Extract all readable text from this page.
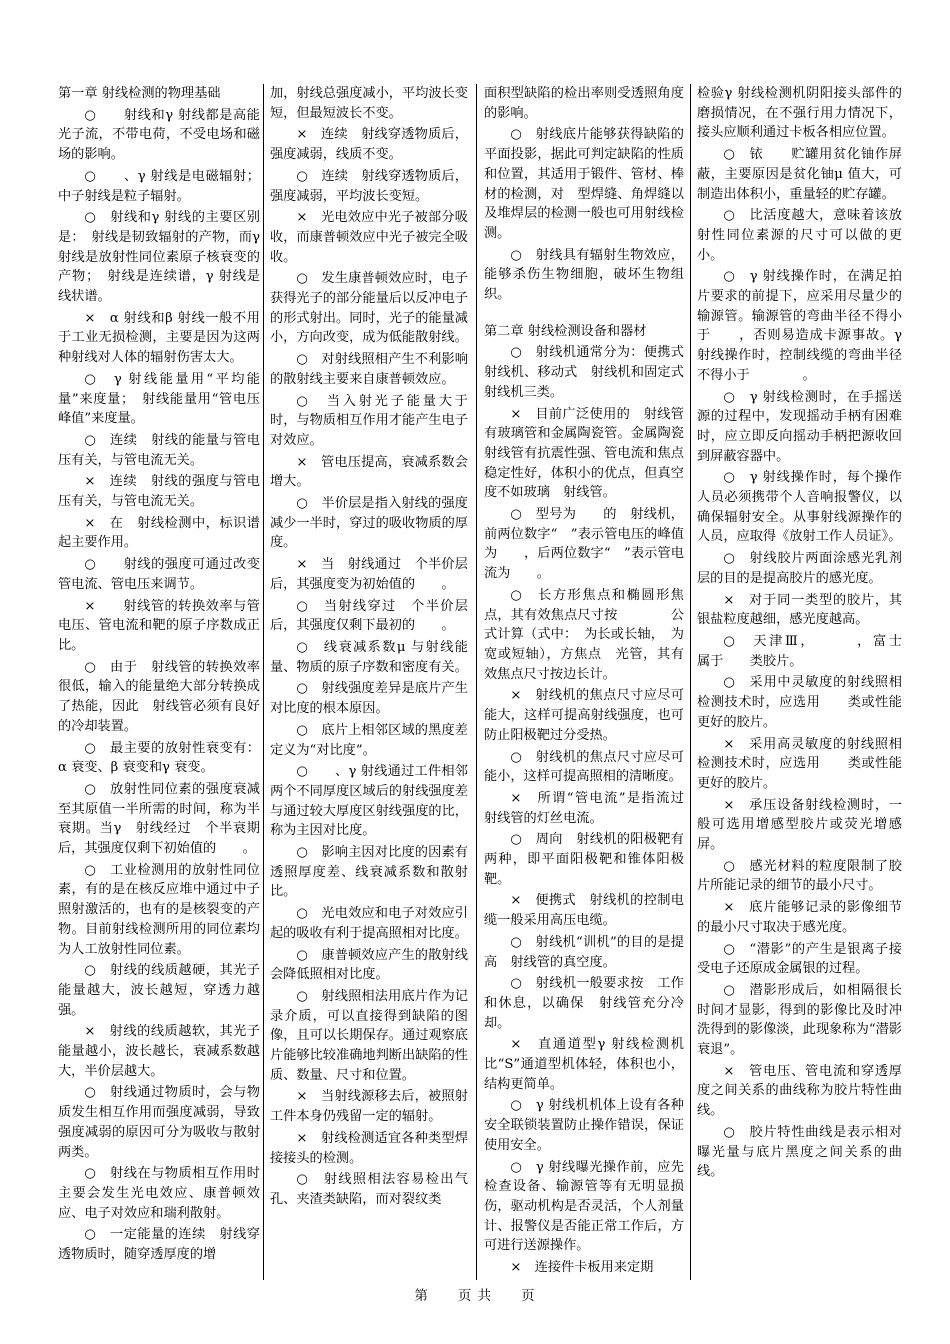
第一章 射线检测的物理基础

○　　射线和γ 射线都是高能光子流，不带电荷，不受电场和磁场的影响。

○　　、γ 射线是电磁辐射；中子射线是粒子辐射。

○　射线和γ 射线的主要区别是：　射线是韧致辐射的产物，而γ　射线是放射性同位素原子核衰变的产物；　射线是连续谱，γ 射线是线状谱。

×　α 射线和β 射线一般不用于工业无损检测，主要是因为这两种射线对人体的辐射伤害太大。

○　γ 射线能量用“平均能量”来度量；　射线能量用“管电压峰值”来度量。

○　连续　射线的能量与管电压有关，与管电流无关。

×　连续　射线的强度与管电压有关，与管电流无关。

×　在　射线检测中，标识谱起主要作用。

○　　射线的强度可通过改变管电流、管电压来调节。

×　　射线管的转换效率与管电压、管电流和靶的原子序数成正比。

○　由于　射线管的转换效率很低，输入的能量绝大部分转换成了热能，因此　射线管必须有良好的冷却装置。

○　最主要的放射性衰变有：α 衰变、β 衰变和γ 衰变。

○　放射性同位素的强度衰减至其原值一半所需的时间，称为半衰期。当γ　射线经过　个半衰期后，其强度仅剩下初始值的　　。

○　工业检测用的放射性同位素，有的是在核反应堆中通过中子照射激活的，也有的是核裂变的产物。目前射线检测所用的同位素均为人工放射性同位素。

○　射线的线质越硬，其光子能量越大，波长越短，穿透力越强。

×　射线的线质越软，其光子能量越小，波长越长，衰减系数越大，半价层越大。

○　射线通过物质时，会与物质发生相互作用而强度减弱，导致强度减弱的原因可分为吸收与散射两类。

○　射线在与物质相互作用时主要会发生光电效应、康普顿效应、电子对效应和瑞利散射。

○　一定能量的连续　射线穿透物质时，随穿透厚度的增

加，射线总强度减小，平均波长变短，但最短波长不变。

×　连续　射线穿透物质后，强度减弱，线质不变。

○　连续　射线穿透物质后，强度减弱，平均波长变短。

×　光电效应中光子被部分吸收，而康普顿效应中光子被完全吸收。

○　发生康普顿效应时，电子获得光子的部分能量后以反冲电子的形式射出。同时，光子的能量减小，方向改变，成为低能散射线。

○　对射线照相产生不利影响的散射线主要来自康普顿效应。

○　当入射光子能量大于　　时，与物质相互作用才能产生电子对效应。

×　管电压提高，衰减系数会增大。

○　半价层是指入射线的强度减少一半时，穿过的吸收物质的厚度。

×　当　射线通过　个半价层后，其强度变为初始值的　　。

○　当射线穿过　个半价层后，其强度仅剩下最初的　　。

○　线衰减系数μ 与射线能量、物质的原子序数和密度有关。

○　射线强度差异是底片产生对比度的根本原因。

○　底片上相邻区域的黑度差定义为“对比度”。

○　　、γ 射线通过工件相邻两个不同厚度区域后的射线强度差与通过较大厚度区射线强度的比，称为主因对比度。

○　影响主因对比度的因素有透照厚度差、线衰减系数和散射比。

○　光电效应和电子对效应引起的吸收有利于提高照相对比度。

○　康普顿效应产生的散射线会降低照相对比度。

○　射线照相法用底片作为记录介质，可以直接得到缺陷的图像，且可以长期保存。通过观察底片能够比较准确地判断出缺陷的性质、数量、尺寸和位置。

×　当射线源移去后，被照射工件本身仍残留一定的辐射。

×　射线检测适宜各种类型焊接接头的检测。

○　射线照相法容易检出气孔、夹渣类缺陷，而对裂纹类

面积型缺陷的检出率则受透照角度的影响。

○　射线底片能够获得缺陷的平面投影，据此可判定缺陷的性质和位置，其适用于锻件、管材、棒材的检测，对　型焊缝、角焊缝以及堆焊层的检测一般也可用射线检测。

○　射线具有辐射生物效应，能够杀伤生物细胞，破坏生物组织。

第二章 射线检测设备和器材

○　射线机通常分为：便携式　射线机、移动式　射线机和固定式　射线机三类。

×　目前广泛使用的　射线管有玻璃管和金属陶瓷管。金属陶瓷　射线管有抗震性强、管电流和焦点稳定性好，体积小的优点，但真空度不如玻璃　射线管。

○　型号为　　的　射线机，前两位数字“　”表示管电压的峰值为　　，后两位数字“　”表示管电流为　　。

○　长方形焦点和椭圆形焦点，其有效焦点尺寸按　　　　公式计算（式中：　为长或长轴，　为宽或短轴），方焦点　光管，其有效焦点尺寸按边长计。

×　射线机的焦点尺寸应尽可能大，这样可提高射线强度，也可防止阳极靶过分受热。

○　射线机的焦点尺寸应尽可能小，这样可提高照相的清晰度。

×　所谓“管电流”是指流过　射线管的灯丝电流。

○　周向　射线机的阳极靶有两种，即平面阳极靶和锥体阳极靶。

×　便携式　射线机的控制电缆一般采用高压电缆。

○　射线机“训机”的目的是提高　射线管的真空度。

○　射线机一般要求按　工作和休息，以确保　射线管充分冷却。

×　直通道型γ 射线检测机比“S”通道型机体轻，体积也小，结构更简单。

○　γ 射线机机体上设有各种安全联锁装置防止操作错误，保证使用安全。

○　γ 射线曝光操作前，应先检查设备、输源管等有无明显损伤，驱动机构是否灵活，个人剂量计、报警仪是否能正常工作后，方可进行送源操作。

×　连接件卡板用来定期

检验γ 射线检测机阴阳接头部件的磨损情况，在不强行用力情况下，接头应顺利通过卡板各相应位置。

○　铱　　贮罐用贫化铀作屏蔽，主要原因是贫化铀μ 值大，可制造出体积小，重量轻的贮存罐。

○　比活度越大，意味着该放射性同位素源的尺寸可以做的更小。

○　γ 射线操作时，在满足拍片要求的前提下，应采用尽量少的输源管。输源管的弯曲半径不得小于　　，否则易造成卡源事故。γ 射线操作时，控制线缆的弯曲半径不得小于　　　　。

○　γ 射线检测时，在手摇送源的过程中，发现摇动手柄有困难时，应立即反向摇动手柄把源收回到屏蔽容器中。

○　γ 射线操作时，每个操作人员必须携带个人音响报警仪，以确保辐射安全。从事射线源操作的人员，应取得《放射工作人员证》。

○　射线胶片两面涂感光乳剂层的目的是提高胶片的感光度。

×　对于同一类型的胶片，其银盐粒度越细，感光度越高。

○　天津Ⅲ，　　　，富士　　属于　　类胶片。

○　采用中灵敏度的射线照相检测技术时，应选用　　类或性能更好的胶片。

×　采用高灵敏度的射线照相检测技术时，应选用　　类或性能更好的胶片。

×　承压设备射线检测时，一般可选用增感型胶片或荧光增感屏。

○　感光材料的粒度限制了胶片所能记录的细节的最小尺寸。

×　底片能够记录的影像细节的最小尺寸取决于感光度。

○　“潜影”的产生是银离子接受电子还原成金属银的过程。

○　潜影形成后，如相隔很长时间才显影，得到的影像比及时冲洗得到的影像淡，此现象称为“潜影衰退”。

×　管电压、管电流和穿透厚度之间关系的曲线称为胶片特性曲线。

○　胶片特性曲线是表示相对曝光量与底片黑度之间关系的曲线。

第　　页 共　　页
